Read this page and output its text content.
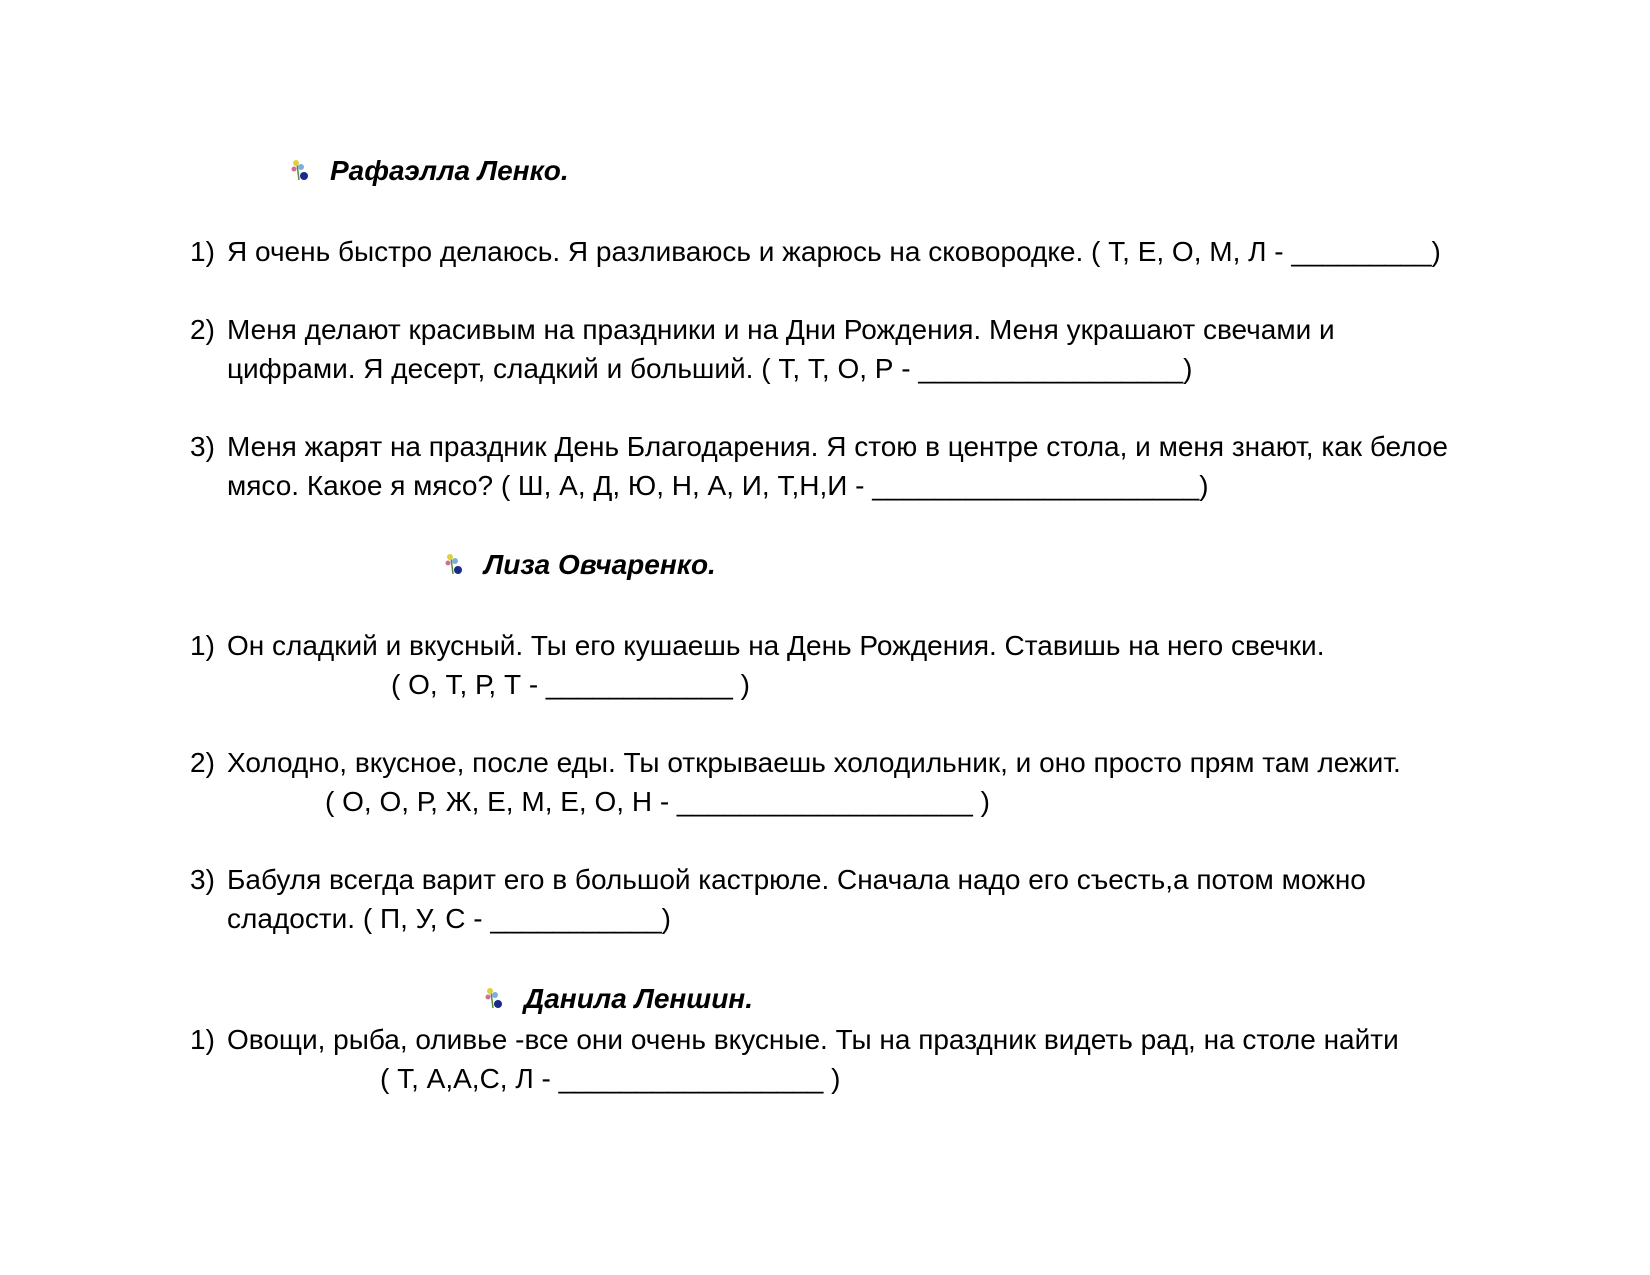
Рафаэлла Ленко.
1) Я очень быстро делаюсь. Я разливаюсь и жарюсь на сковородке. ( Т, Е, О, М, Л - _________)
2) Меня делают красивым на праздники и на Дни Рождения. Меня украшают свечами и
цифрами. Я десерт, сладкий и больший. ( Т, Т, О, Р - _________________)
3) Меня жарят на праздник День Благодарения. Я стою в центре стола, и меня знают, как белое
мясо. Какое я мясо? ( Ш, А, Д, Ю, Н, А, И, Т,Н,И - _____________________)
Лиза Овчаренко.
1) Он сладкий и вкусный. Ты его кушаешь на День Рождения. Ставишь на него свечки.
( О, Т, Р, Т - ____________ )
2) Холодно, вкусное, после еды. Ты открываешь холодильник, и оно просто прям там лежит.
( О, О, Р, Ж, Е, М, Е, О, Н - ___________________ )
3) Бабуля всегда варит его в большой кастрюле. Сначала надо его съесть,а потом можно
сладости. ( П, У, С - ___________)
Данила Леншин.
1) Овощи, рыба, оливье -все они очень вкусные. Ты на праздник видеть рад, на столе найти
( Т, А,А,С, Л - _________________ )
